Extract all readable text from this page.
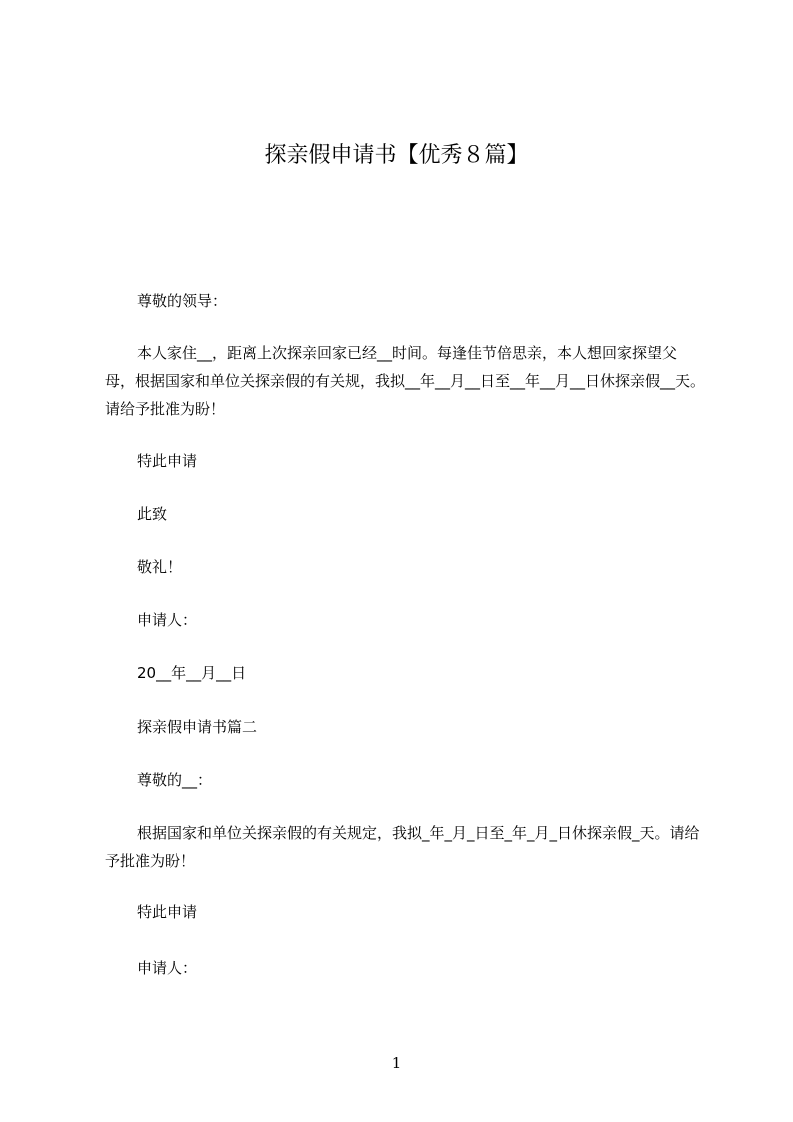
探亲假申请书【优秀８篇】
尊敬的领导：
本人家住__，距离上次探亲回家已经__时间。每逢佳节倍思亲，本人想回家探望父母，根据国家和单位关探亲假的有关规，我拟__年__月__日至__年__月__日休探亲假__天。请给予批准为盼！
特此申请
此致
敬礼！
申请人：
20__年__月__日
探亲假申请书篇二
尊敬的__：
根据国家和单位关探亲假的有关规定，我拟_年_月_日至_年_月_日休探亲假_天。请给予批准为盼！
特此申请
申请人：
1
